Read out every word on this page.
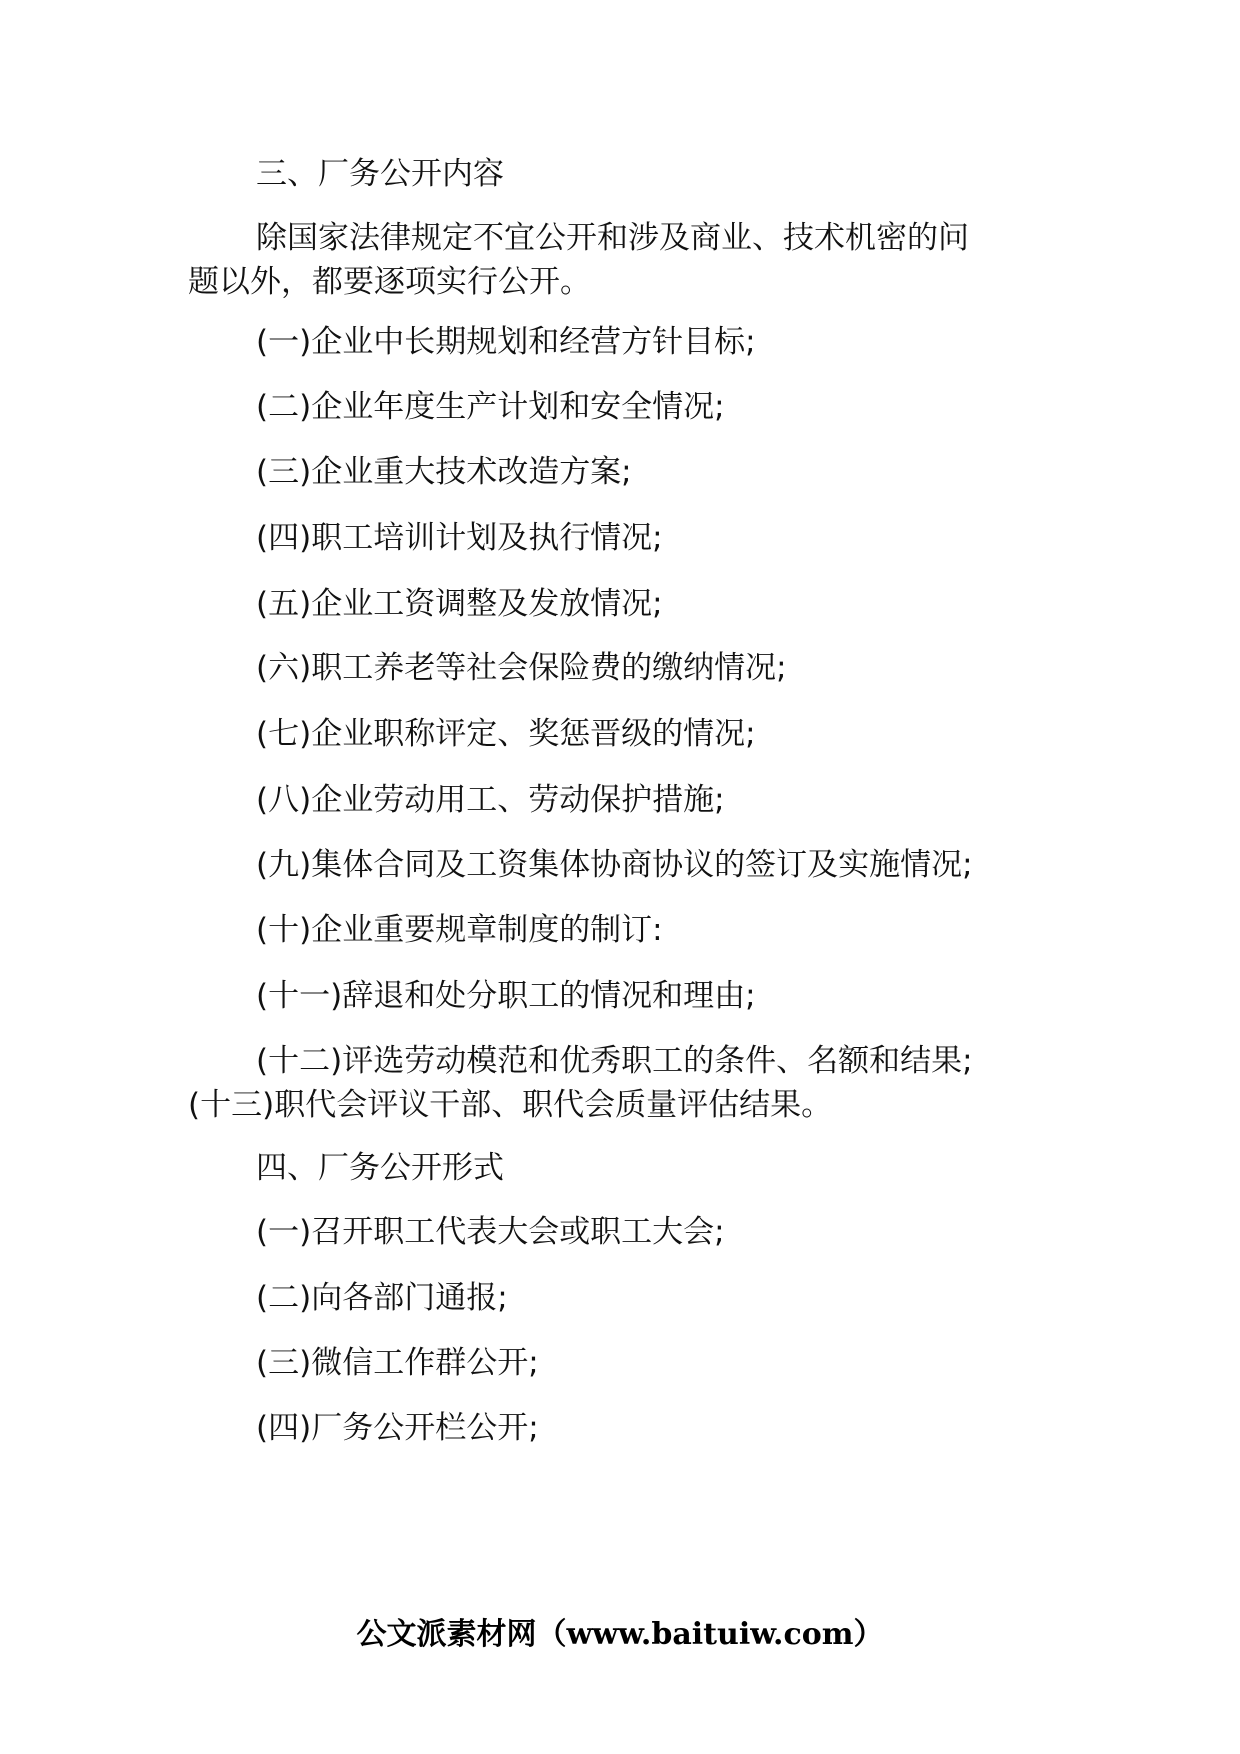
三、厂务公开内容
除国家法律规定不宜公开和涉及商业、技术机密的问
题以外，都要逐项实行公开。
(一)企业中长期规划和经营方针目标;
(二)企业年度生产计划和安全情况;
(三)企业重大技术改造方案;
(四)职工培训计划及执行情况;
(五)企业工资调整及发放情况;
(六)职工养老等社会保险费的缴纳情况;
(七)企业职称评定、奖惩晋级的情况;
(八)企业劳动用工、劳动保护措施;
(九)集体合同及工资集体协商协议的签订及实施情况;
(十)企业重要规章制度的制订:
(十一)辞退和处分职工的情况和理由;
(十二)评选劳动模范和优秀职工的条件、名额和结果;
(十三)职代会评议干部、职代会质量评估结果。
四、厂务公开形式
(一)召开职工代表大会或职工大会;
(二)向各部门通报;
(三)微信工作群公开;
(四)厂务公开栏公开;
公文派素材网（www.baituiw.com）
